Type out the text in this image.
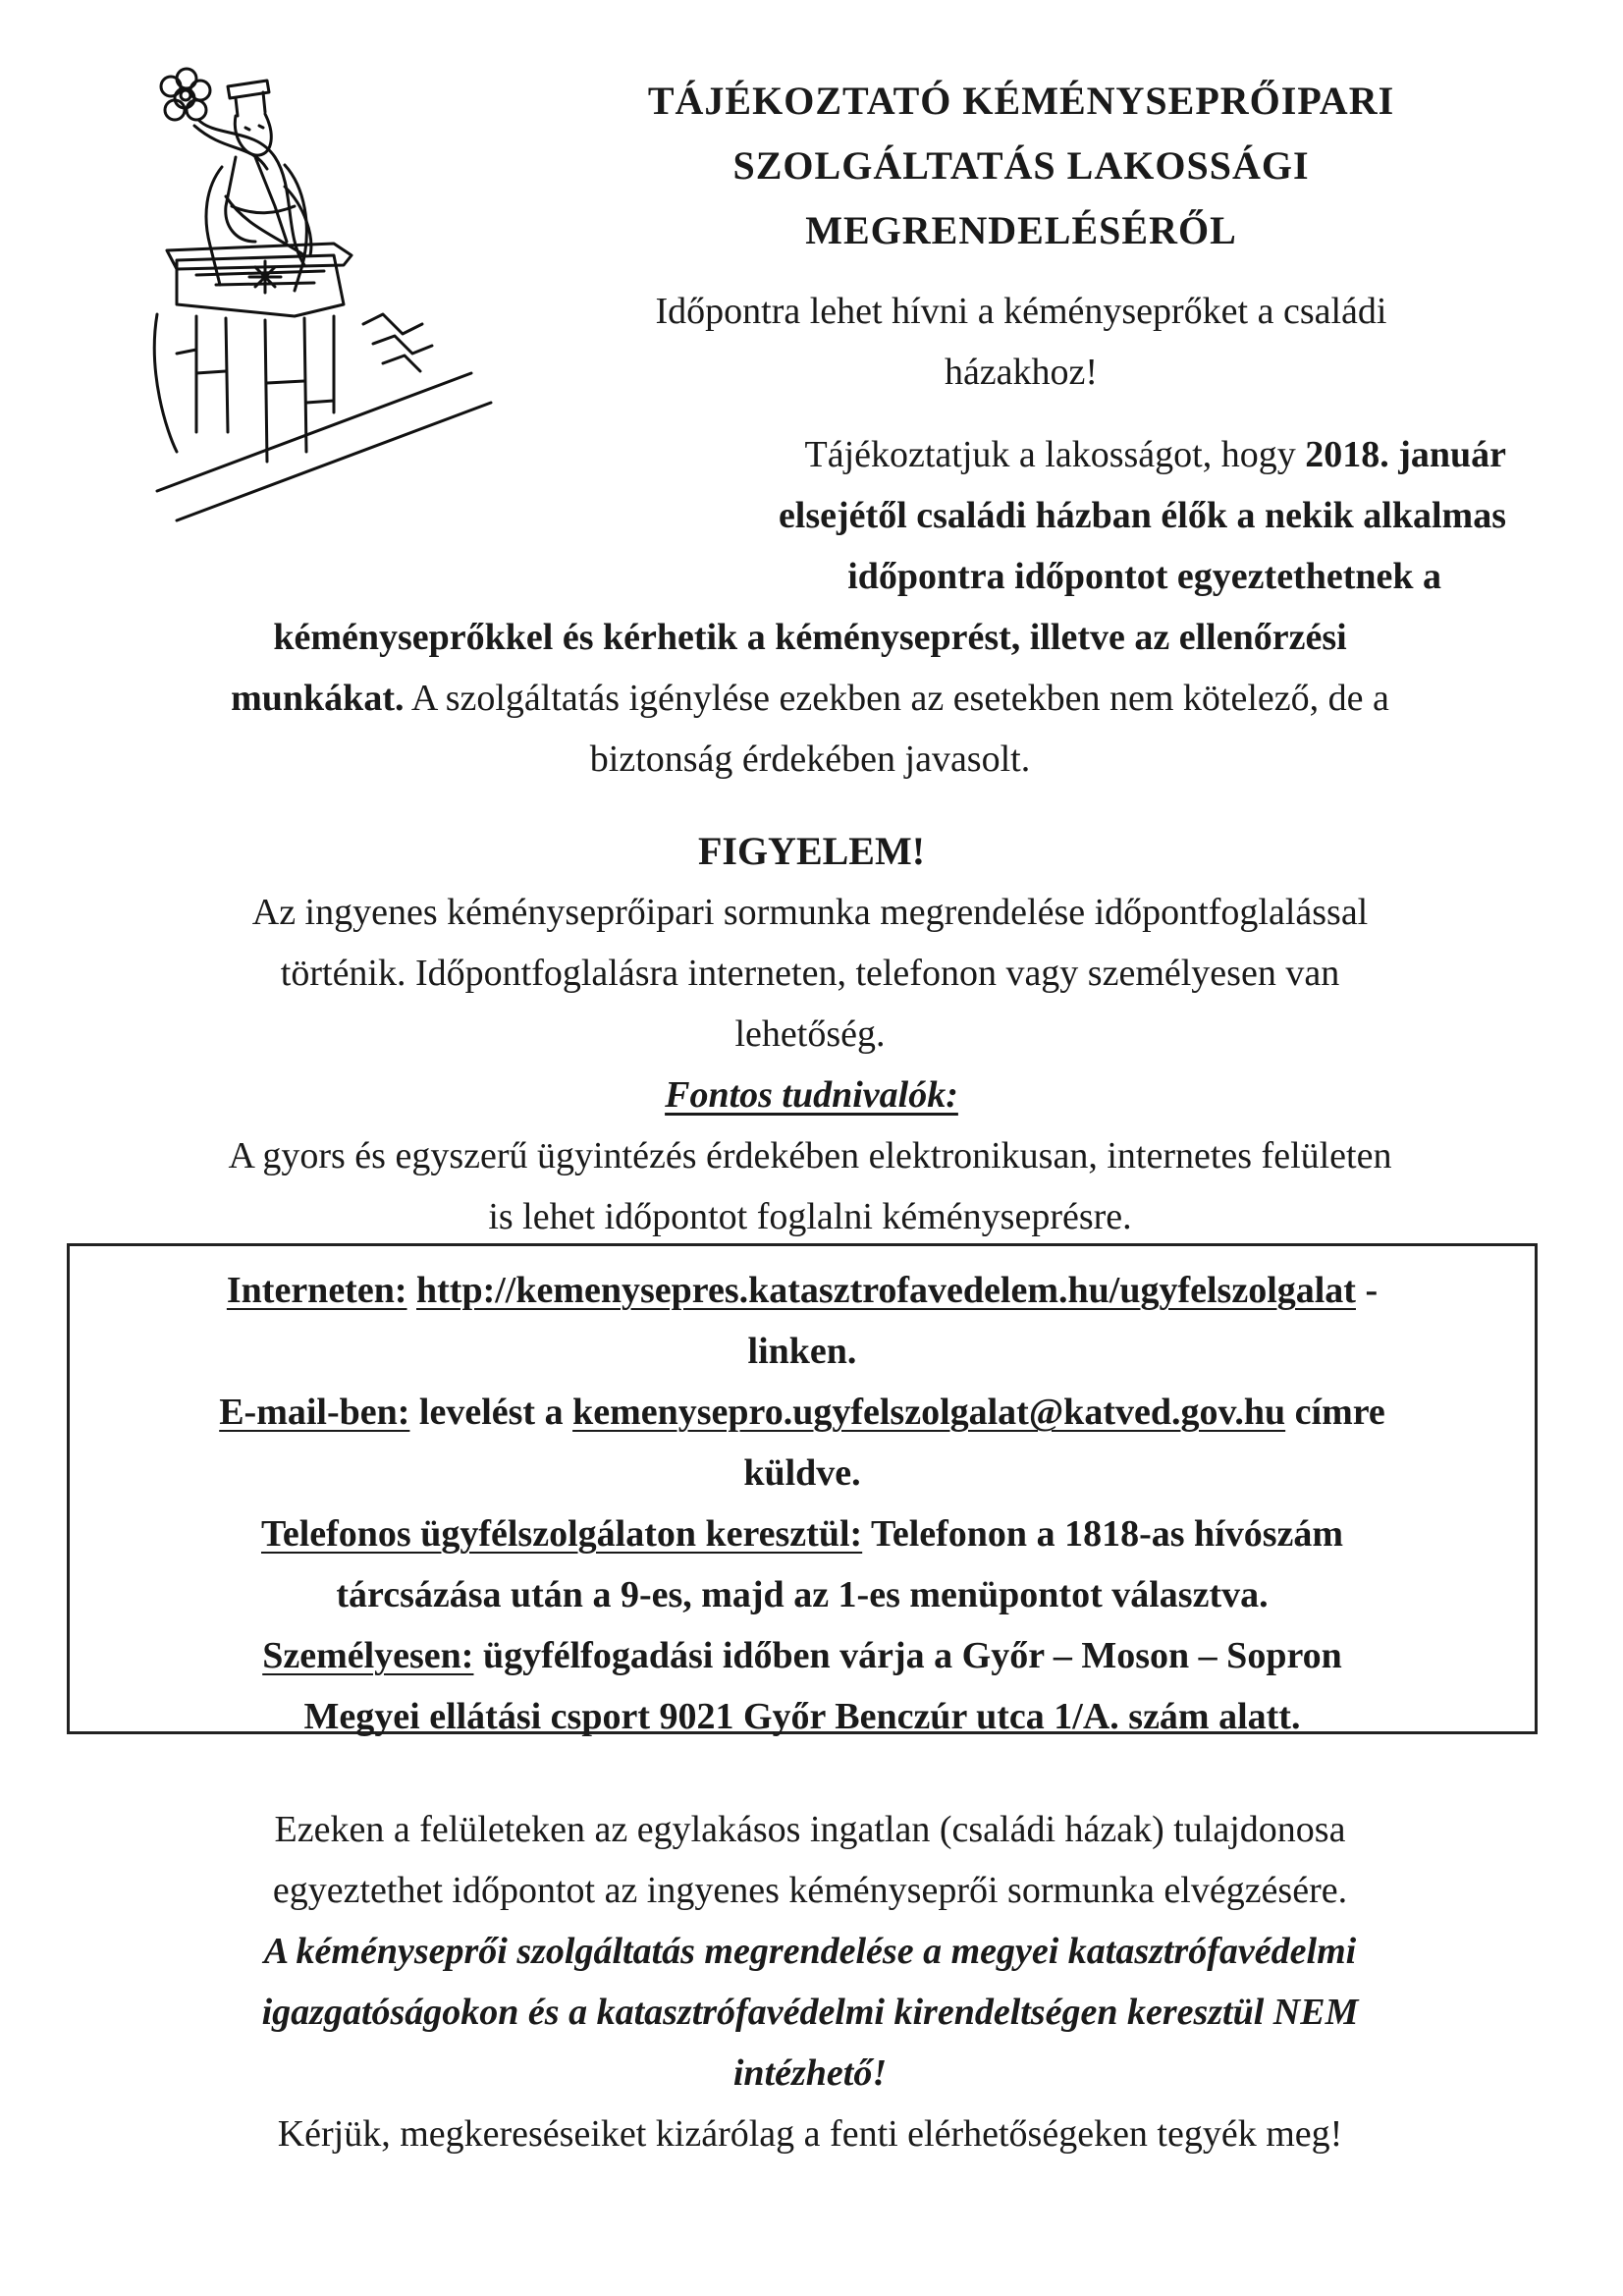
TÁJÉKOZTATÓ KÉMÉNYSEPRŐIPARI
SZOLGÁLTATÁS LAKOSSÁGI
MEGRENDELÉSÉRŐL
Időpontra lehet hívni a kéményseprőket a családi
házakhoz!
Tájékoztatjuk a lakosságot, hogy 2018. január
elsejétől családi házban élők a nekik alkalmas
időpontra időpontot egyeztethetnek a
kéményseprőkkel és kérhetik a kéményseprést, illetve az ellenőrzési
munkákat. A szolgáltatás igénylése ezekben az esetekben nem kötelező, de a
biztonság érdekében javasolt.
FIGYELEM!
Az ingyenes kéményseprőipari sormunka megrendelése időpontfoglalással
történik. Időpontfoglalásra interneten, telefonon vagy személyesen van
lehetőség.
Fontos tudnivalók:
A gyors és egyszerű ügyintézés érdekében elektronikusan, internetes felületen
is lehet időpontot foglalni kéményseprésre.
Interneten: http://kemenysepres.katasztrofavedelem.hu/ugyfelszolgalat -
linken.
E-mail-ben: levelést a kemenysepro.ugyfelszolgalat@katved.gov.hu címre
küldve.
Telefonos ügyfélszolgálaton keresztül: Telefonon a 1818-as hívószám
tárcsázása után a 9-es, majd az 1-es menüpontot választva.
Személyesen: ügyfélfogadási időben várja a Győr – Moson – Sopron
Megyei ellátási csport 9021 Győr Benczúr utca 1/A. szám alatt.
Ezeken a felületeken az egylakásos ingatlan (családi házak) tulajdonosa
egyeztethet időpontot az ingyenes kéményseprői sormunka elvégzésére.
A kéményseprői szolgáltatás megrendelése a megyei katasztrófavédelmi
igazgatóságokon és a katasztrófavédelmi kirendeltségen keresztül NEM
intézhető!
Kérjük, megkereséseiket kizárólag a fenti elérhetőségeken tegyék meg!
